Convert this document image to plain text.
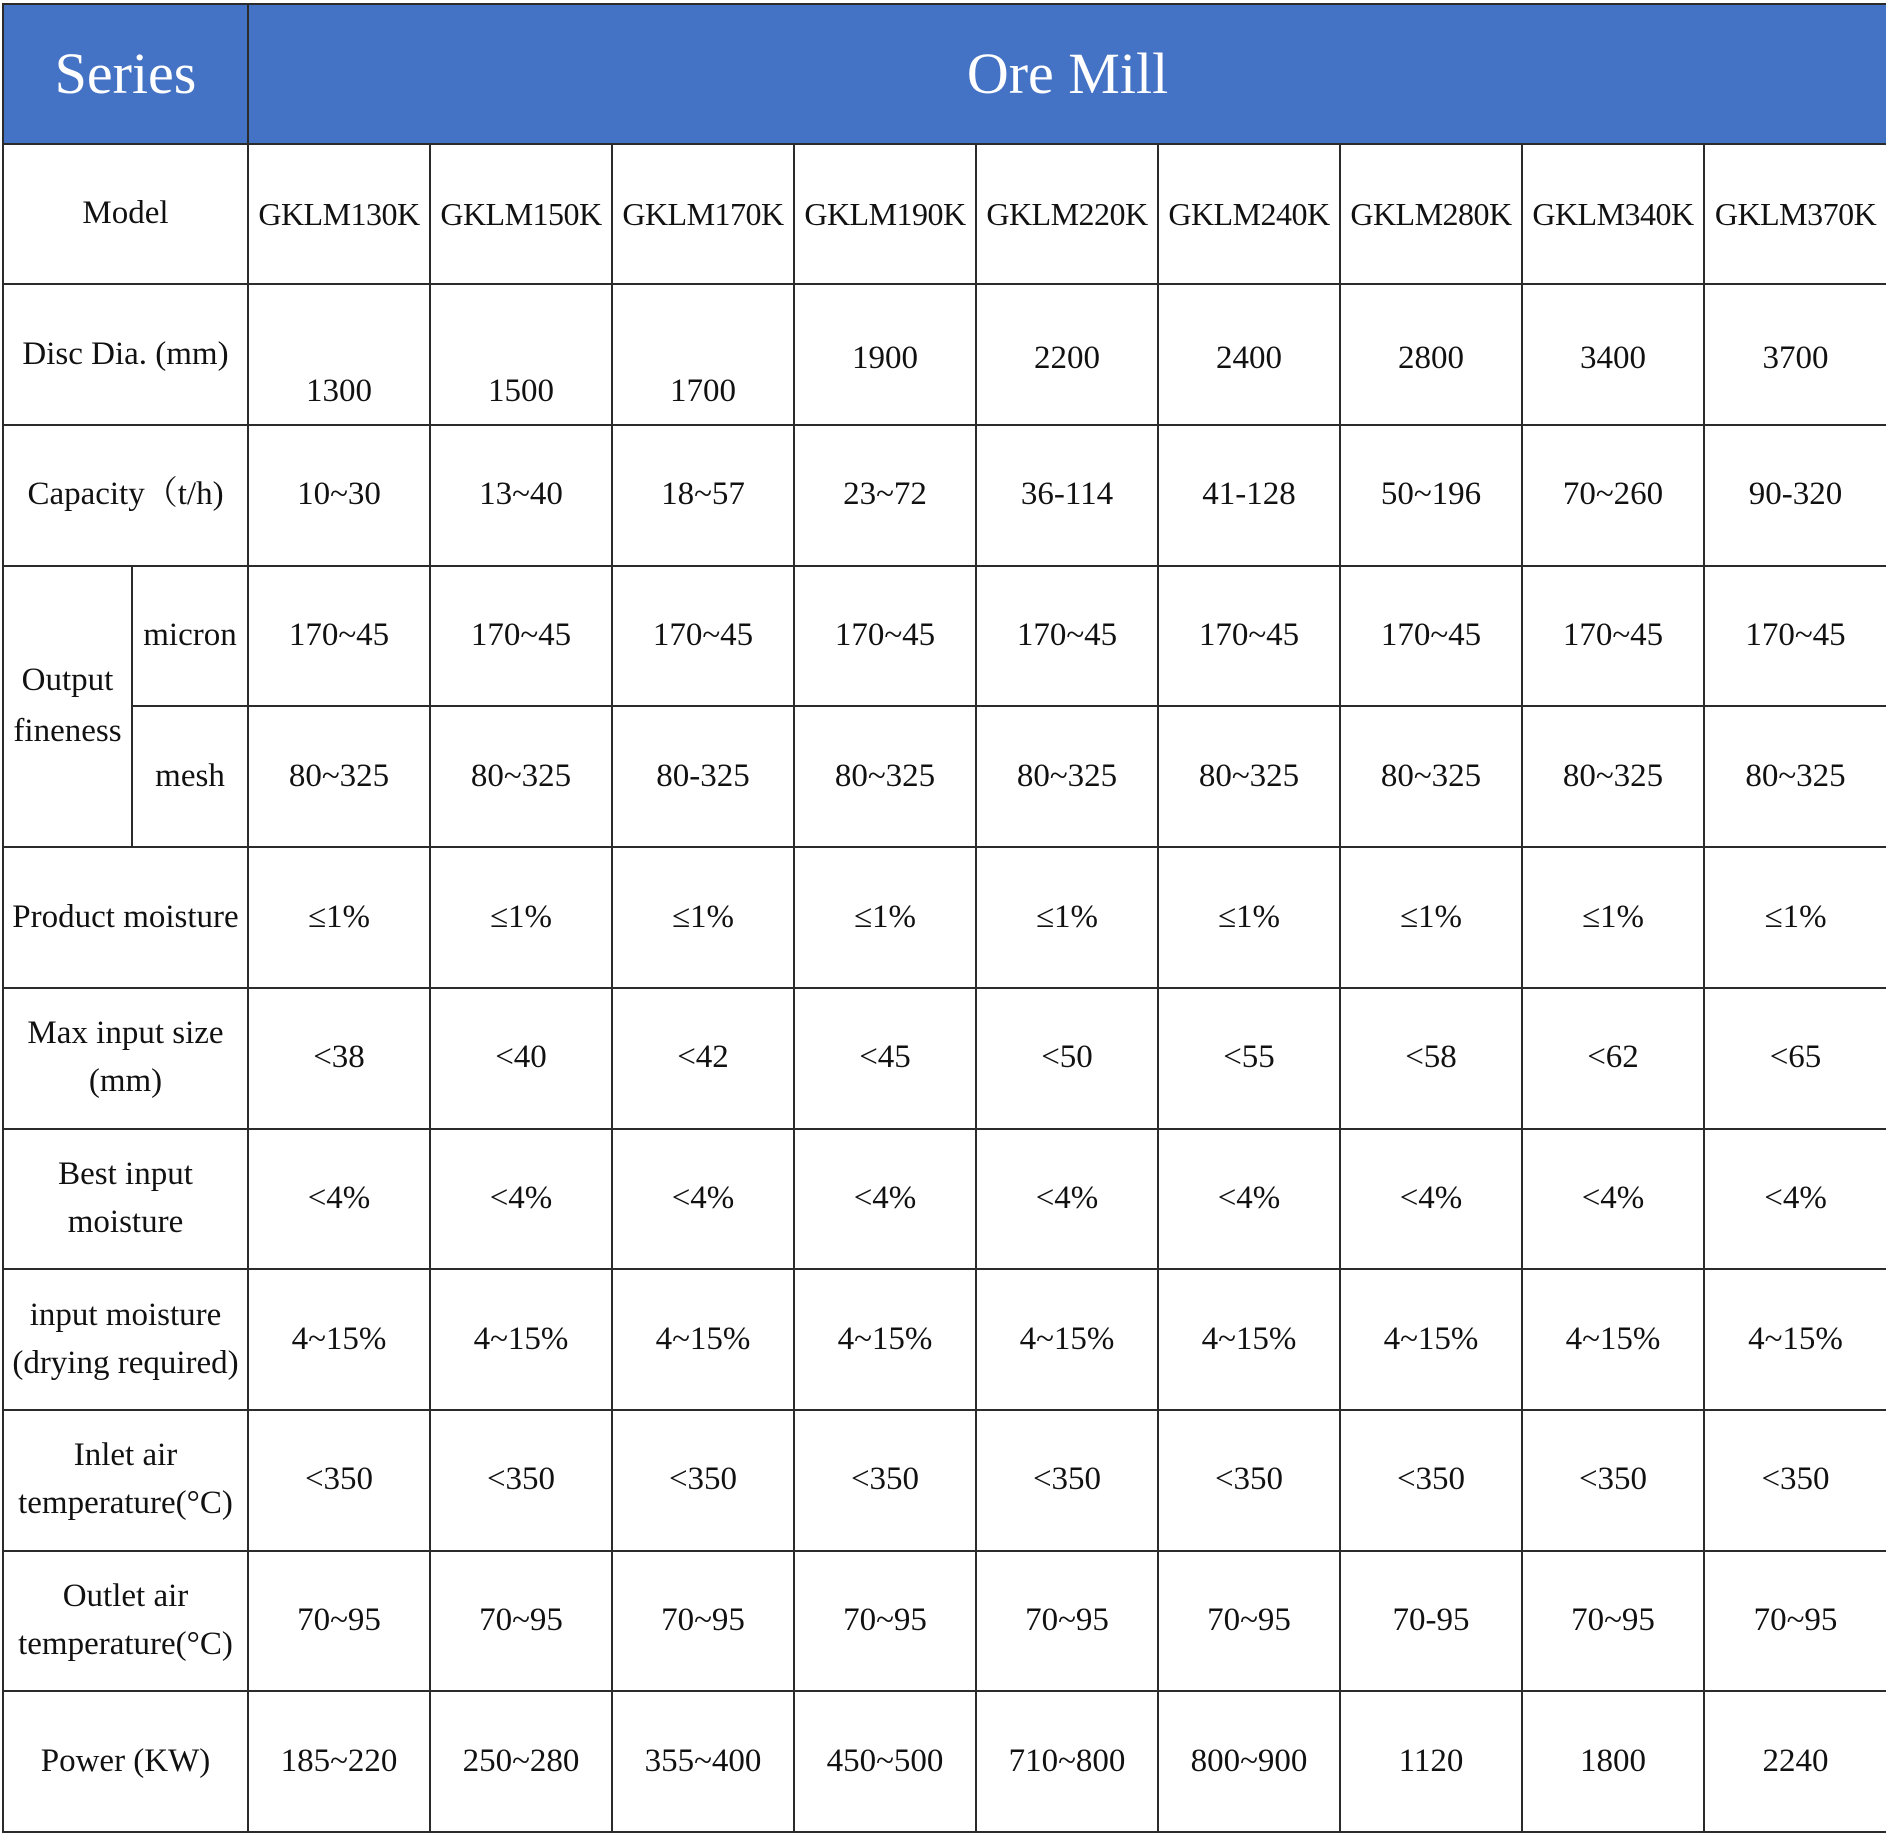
Series		Ore Mill								
Model		GKLM130K	GKLM150K	GKLM170K	GKLM190K	GKLM220K	GKLM240K	GKLM280K	GKLM340K	GKLM370K
Disc Dia. (mm)		1300	1500	1700	1900	2200	2400	2800	3400	3700
Capacity（t/h)		10~30	13~40	18~57	23~72	36-114	41-128	50~196	70~260	90-320
Output fineness	micron	170~45	170~45	170~45	170~45	170~45	170~45	170~45	170~45	170~45
	mesh	80~325	80~325	80-325	80~325	80~325	80~325	80~325	80~325	80~325
Product moisture		≤1%	≤1%	≤1%	≤1%	≤1%	≤1%	≤1%	≤1%	≤1%

Max input size
(mm)		<38	<40	<42	<45	<50	<55	<58	<62	<65

Best input
moisture		<4%	<4%	<4%	<4%	<4%	<4%	<4%	<4%	<4%

input moisture
(drying required)		4~15%	4~15%	4~15%	4~15%	4~15%	4~15%	4~15%	4~15%	4~15%

Inlet air
temperature(°C)		<350	<350	<350	<350	<350	<350	<350	<350	<350

Outlet air
temperature(°C)		70~95	70~95	70~95	70~95	70~95	70~95	70-95	70~95	70~95
Power (KW)		185~220	250~280	355~400	450~500	710~800	800~900	1120	1800	2240
